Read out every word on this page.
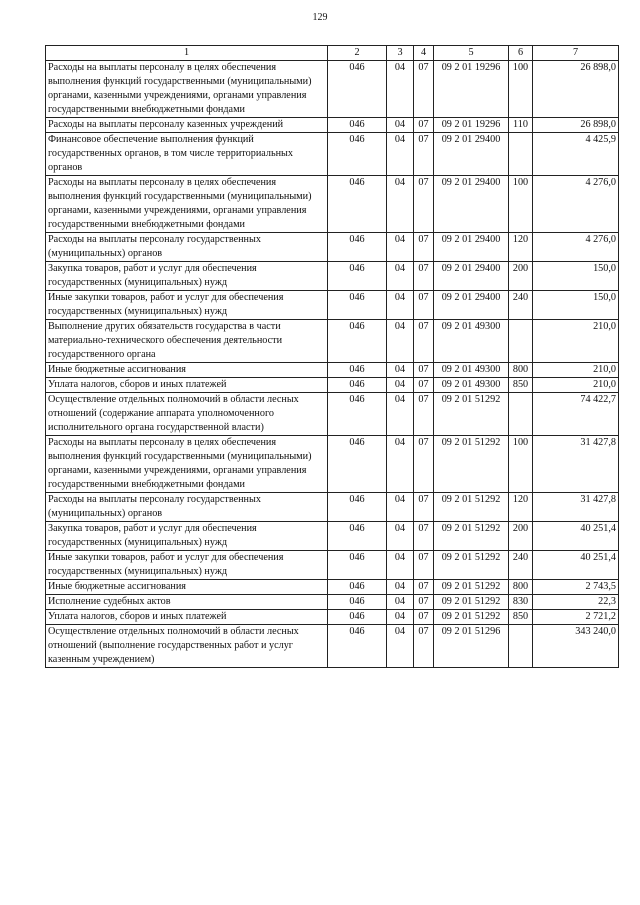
129
1	2	3	4	5	6	7
Расходы на выплаты персоналу в целях обеспечения выполнения функций государственными (муниципальными) органами, казенными учреждениями, органами управления государственными внебюджетными фондами	046	04	07	09 2 01 19296	100	26 898,0
Расходы на выплаты персоналу казенных учреждений	046	04	07	09 2 01 19296	110	26 898,0
Финансовое обеспечение выполнения функций государственных органов, в том числе территориальных органов	046	04	07	09 2 01 29400		4 425,9
Расходы на выплаты персоналу в целях обеспечения выполнения функций государственными (муниципальными) органами, казенными учреждениями, органами управления государственными внебюджетными фондами	046	04	07	09 2 01 29400	100	4 276,0
Расходы на выплаты персоналу государственных (муниципальных) органов	046	04	07	09 2 01 29400	120	4 276,0
Закупка товаров, работ и услуг для обеспечения государственных (муниципальных) нужд	046	04	07	09 2 01 29400	200	150,0
Иные закупки товаров, работ и услуг для обеспечения государственных (муниципальных) нужд	046	04	07	09 2 01 29400	240	150,0
Выполнение других обязательств государства в части материально-технического обеспечения деятельности государственного органа	046	04	07	09 2 01 49300		210,0
Иные бюджетные ассигнования	046	04	07	09 2 01 49300	800	210,0
Уплата налогов, сборов и иных платежей	046	04	07	09 2 01 49300	850	210,0
Осуществление отдельных полномочий в области лесных отношений (содержание аппарата уполномоченного исполнительного органа государственной власти)	046	04	07	09 2 01 51292		74 422,7
Расходы на выплаты персоналу в целях обеспечения выполнения функций государственными (муниципальными) органами, казенными учреждениями, органами управления государственными внебюджетными фондами	046	04	07	09 2 01 51292	100	31 427,8
Расходы на выплаты персоналу государственных (муниципальных) органов	046	04	07	09 2 01 51292	120	31 427,8
Закупка товаров, работ и услуг для обеспечения государственных (муниципальных) нужд	046	04	07	09 2 01 51292	200	40 251,4
Иные закупки товаров, работ и услуг для обеспечения государственных (муниципальных) нужд	046	04	07	09 2 01 51292	240	40 251,4
Иные бюджетные ассигнования	046	04	07	09 2 01 51292	800	2 743,5
Исполнение судебных актов	046	04	07	09 2 01 51292	830	22,3
Уплата налогов, сборов и иных платежей	046	04	07	09 2 01 51292	850	2 721,2
Осуществление отдельных полномочий в области лесных отношений (выполнение государственных работ и услуг казенным учреждением)	046	04	07	09 2 01 51296		343 240,0
